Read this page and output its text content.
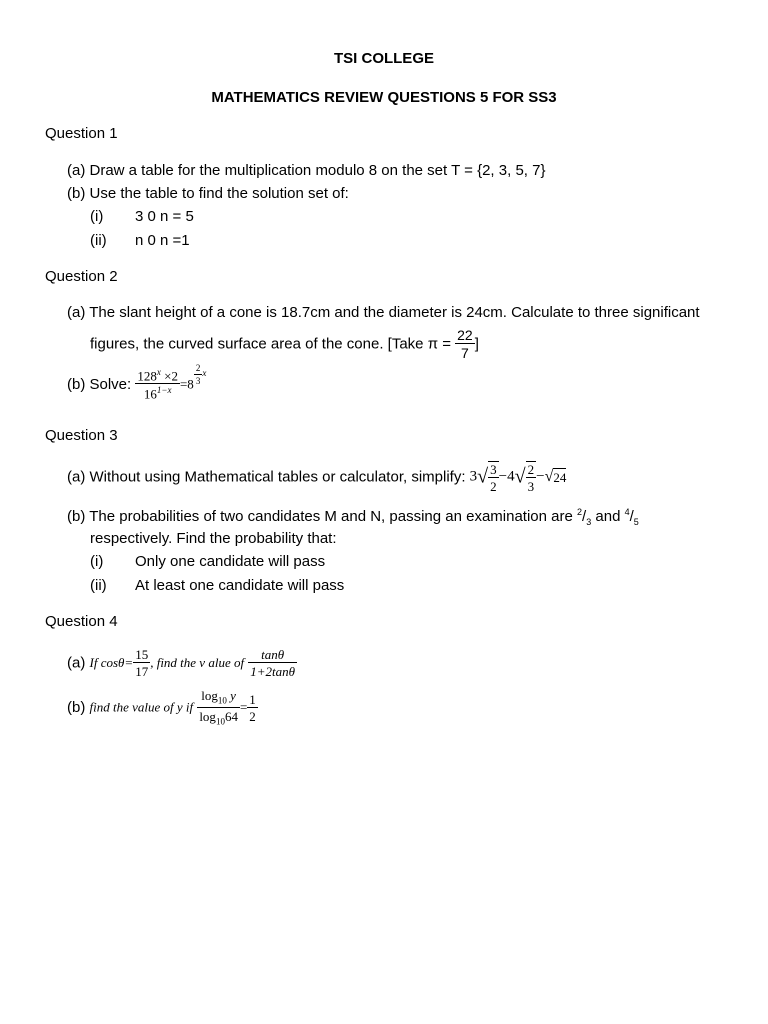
TSI COLLEGE
MATHEMATICS REVIEW QUESTIONS 5 FOR SS3
Question 1
(a) Draw a table for the multiplication modulo 8 on the set T = {2, 3, 5, 7}
(b) Use the table to find the solution set of:
(i) 3 0 n = 5
(ii) n 0 n =1
Question 2
(a) The slant height of a cone is 18.7cm and the diameter is 24cm. Calculate to three significant
figures, the curved surface area of the cone. [Take $\pi = \frac{22}{7}$ ]
(b) Solve: $\frac{128^x \times 2}{16^{1-x}} =8 \frac{2}{3} ^x$
Question 3
(a) Without using Mathematical tables or calculator, simplify: $3√ \frac{3}{2} -4√ \frac{2}{3} -√24$
(b) The probabilities of two candidates M and N, passing an examination are $^2/_3$ and $^4/_5$
respectively. Find the probability that:
(i) Only one candidate will pass
(ii) At least one candidate will pass
Question 4
(a) If $\cos\theta= \frac{15}{17}$ , find the v alue of $\frac{\tan\theta}{1+2\tan\theta}$
(b) find the value of y if $\frac{\log_{10} y}{\log_{10}64} = \frac{1}{2}$
